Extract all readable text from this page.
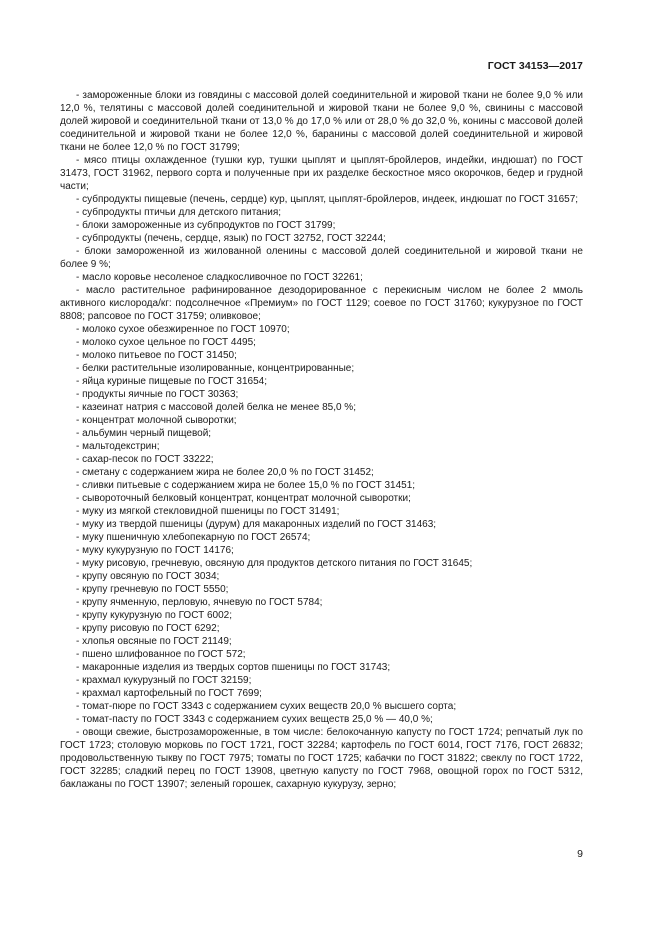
ГОСТ 34153—2017

- замороженные блоки из говядины с массовой долей соединительной и жировой ткани не более 9,0 % или 12,0 %, телятины с массовой долей соединительной и жировой ткани не более 9,0 %, свинины с массовой долей жировой и соединительной ткани от 13,0 % до 17,0 % или от 28,0 % до 32,0 %, конины с массовой долей соединительной и жировой ткани не более 12,0 %, баранины с массовой долей соединительной и жировой ткани не более 12,0 % по ГОСТ 31799;

- мясо птицы охлажденное (тушки кур, тушки цыплят и цыплят-бройлеров, индейки, индюшат) по ГОСТ 31473, ГОСТ 31962, первого сорта и полученные при их разделке бескостное мясо окорочков, бедер и грудной части;

- субпродукты пищевые (печень, сердце) кур, цыплят, цыплят-бройлеров, индеек, индюшат по ГОСТ 31657;

- субпродукты птичьи для детского питания;

- блоки замороженные из субпродуктов по ГОСТ 31799;

- субпродукты (печень, сердце, язык) по ГОСТ 32752, ГОСТ 32244;

- блоки замороженной из жилованной оленины с массовой долей соединительной и жировой ткани не более 9 %;

- масло коровье несоленое сладкосливочное по ГОСТ 32261;

- масло растительное рафинированное дезодорированное с перекисным числом не более 2 ммоль активного кислорода/кг: подсолнечное «Премиум» по ГОСТ 1129; соевое по ГОСТ 31760; кукурузное по ГОСТ 8808; рапсовое по ГОСТ 31759; оливковое;

- молоко сухое обезжиренное по ГОСТ 10970;

- молоко сухое цельное по ГОСТ 4495;

- молоко питьевое по ГОСТ 31450;

- белки растительные изолированные, концентрированные;

- яйца куриные пищевые по ГОСТ 31654;

- продукты яичные по ГОСТ 30363;

- казеинат натрия с массовой долей белка не менее 85,0 %;

- концентрат молочной сыворотки;

- альбумин черный пищевой;

- мальтодекстрин;

- сахар-песок по ГОСТ 33222;

- сметану с содержанием жира не более 20,0 % по ГОСТ 31452;

- сливки питьевые с содержанием жира не более 15,0 % по ГОСТ 31451;

- сывороточный белковый концентрат, концентрат молочной сыворотки;

- муку из мягкой стекловидной пшеницы по ГОСТ 31491;

- муку из твердой пшеницы (дурум) для макаронных изделий по ГОСТ 31463;

- муку пшеничную хлебопекарную по ГОСТ 26574;

- муку кукурузную по ГОСТ 14176;

- муку рисовую, гречневую, овсяную для продуктов детского питания по ГОСТ 31645;

- крупу овсяную по ГОСТ 3034;

- крупу гречневую по ГОСТ 5550;

- крупу ячменную, перловую, ячневую по ГОСТ 5784;

- крупу кукурузную по ГОСТ 6002;

- крупу рисовую по ГОСТ 6292;

- хлопья овсяные по ГОСТ 21149;

- пшено шлифованное по ГОСТ 572;

- макаронные изделия из твердых сортов пшеницы по ГОСТ 31743;

- крахмал кукурузный по ГОСТ 32159;

- крахмал картофельный по ГОСТ 7699;

- томат-пюре по ГОСТ 3343 с содержанием сухих веществ 20,0 % высшего сорта;

- томат-пасту по ГОСТ 3343 с содержанием сухих веществ 25,0 % — 40,0 %;

- овощи свежие, быстрозамороженные, в том числе: белокочанную капусту по ГОСТ 1724; репчатый лук по ГОСТ 1723; столовую морковь по ГОСТ 1721, ГОСТ 32284; картофель по ГОСТ 6014, ГОСТ 7176, ГОСТ 26832; продовольственную тыкву по ГОСТ 7975; томаты по ГОСТ 1725; кабачки по ГОСТ 31822; свеклу по ГОСТ 1722, ГОСТ 32285; сладкий перец по ГОСТ 13908, цветную капусту по ГОСТ 7968, овощной горох по ГОСТ 5312, баклажаны по ГОСТ 13907; зеленый горошек, сахарную кукурузу, зерно;

9
